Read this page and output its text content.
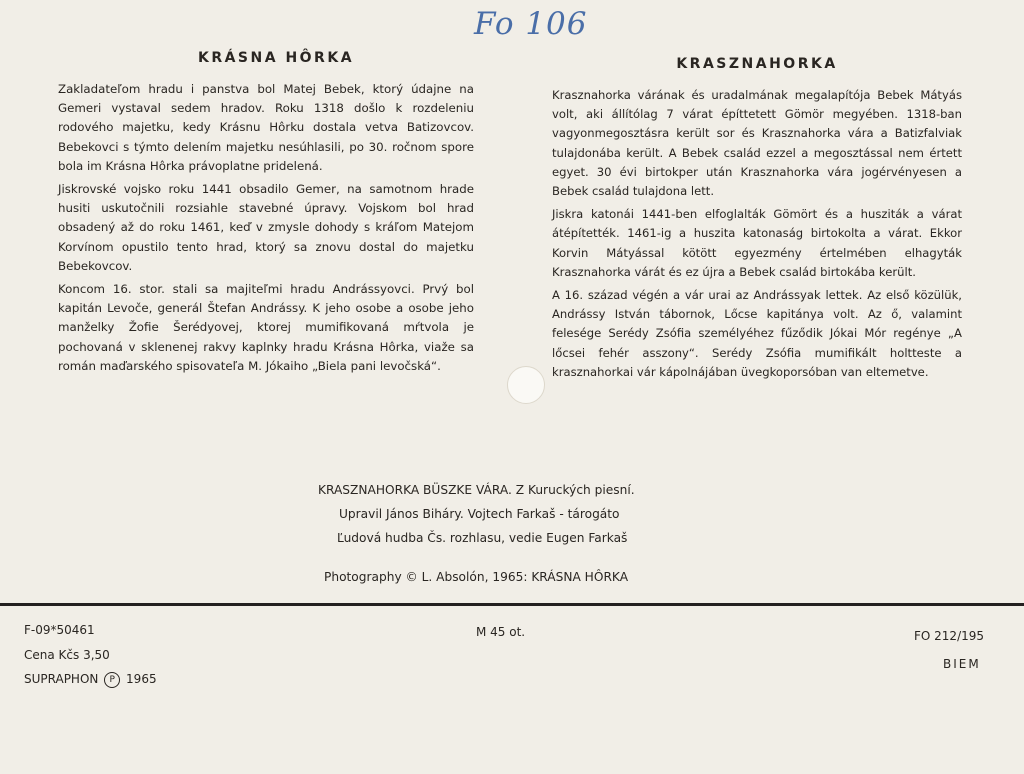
Fo 106
KRÁSNA HÔRKA

Zakladateľom hradu i panstva bol Matej Bebek, ktorý údajne na Gemeri vystaval sedem hradov. Roku 1318 došlo k rozdeleniu rodového majetku, kedy Krásnu Hôrku dostala vetva Batizovcov. Bebekovci s týmto delením majetku nesúhlasili, po 30. ročnom spore bola im Krásna Hôrka právoplatne pridelená.

Jiskrovské vojsko roku 1441 obsadilo Gemer, na samotnom hrade husiti uskutočnili rozsiahle stavebné úpravy. Vojskom bol hrad obsadený až do roku 1461, keď v zmysle dohody s kráľom Matejom Korvínom opustilo tento hrad, ktorý sa znovu dostal do majetku Bebekovcov.

Koncom 16. stor. stali sa majiteľmi hradu Andrássyovci. Prvý bol kapitán Levoče, generál Štefan Andrássy. K jeho osobe a osobe jeho manželky Žofie Šerédyovej, ktorej mumifikovaná mŕtvola je pochovaná v sklenenej rakvy kaplnky hradu Krásna Hôrka, viaže sa román maďarského spisovateľa M. Jókaiho „Biela pani levočská“.

KRASZNAHORKA

Krasznahorka várának és uradalmának megalapítója Bebek Mátyás volt, aki állítólag 7 várat építtetett Gömör megyében. 1318-ban vagyonmegosztásra került sor és Krasznahorka vára a Batizfalviak tulajdonába került. A Bebek család ezzel a megosztással nem értett egyet. 30 évi birtokper után Krasznahorka vára jogérvényesen a Bebek család tulajdona lett.

Jiskra katonái 1441-ben elfoglalták Gömört és a husziták a várat átépítették. 1461-ig a huszita katonaság birtokolta a várat. Ekkor Korvin Mátyással kötött egyezmény értelmében elhagyták Krasznahorka várát és ez újra a Bebek család birtokába került.

A 16. század végén a vár urai az Andrássyak lettek. Az első közülük, Andrássy István tábornok, Lőcse kapitánya volt. Az ő, valamint felesége Serédy Zsófia személyéhez fűződik Jókai Mór regénye „A lőcsei fehér asszony“. Serédy Zsófia mumifikált holtteste a krasznahorkai vár kápolnájában üvegkoporsóban van eltemetve.

KRASZNAHORKA BÜSZKE VÁRA. Z Kuruckých piesní.
Upravil János Biháry. Vojtech Farkaš - tárogáto
Ľudová hudba Čs. rozhlasu, vedie Eugen Farkaš
Photography © L. Absolón, 1965: KRÁSNA HÔRKA
F-09*50461
Cena Kčs 3,50
SUPRAPHON P 1965
M 45 ot.	FO 212/195
BIEM
